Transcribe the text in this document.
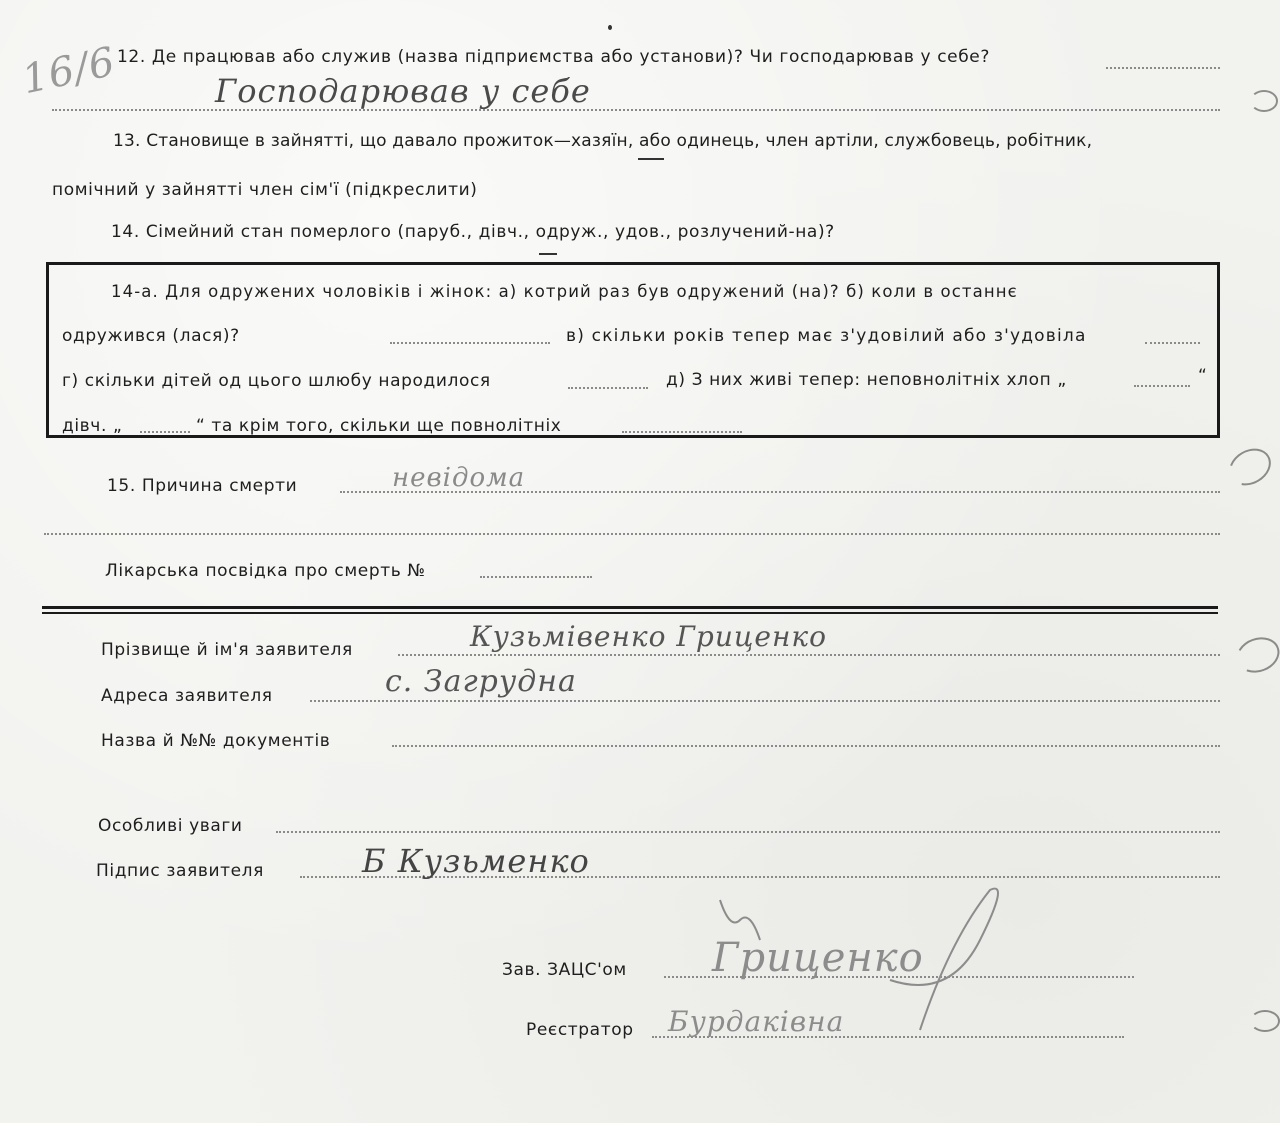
16/6
12. Де працював або служив (назва підприємства або установи)? Чи господарював у себе?
Господарював у себе
13. Становище в зайнятті, що давало прожиток—хазяїн, або одинець, член артіли, службовець, робітник,
помічний у зайнятті член сім'ї (підкреслити)
14. Сімейний стан померлого (паруб., дівч., одруж., удов., розлучений-на)?
14-а. Для одружених чоловіків і жінок: а) котрий раз був одружений (на)? б) коли в останнє
одружився (лася)?	в) скільки років тепер має з'удовілий або з'удовіла
г) скільки дітей од цього шлюбу народилося	д) З них живі тепер: неповнолітніх хлоп „	“
дівч. „	“ та крім того, скільки ще повнолітніх
15. Причина смерти	невідома
Лікарська посвідка про смерть №
Прізвище й ім'я заявителя	Кузьмівенко Гриценко
Адреса заявителя	с. Загрудна
Назва й №№ документів
Особливі уваги
Підпис заявителя	Б Кузьменко
Зав. ЗАЦС'ом Гриценко
Реєстратор Бурдаківна
